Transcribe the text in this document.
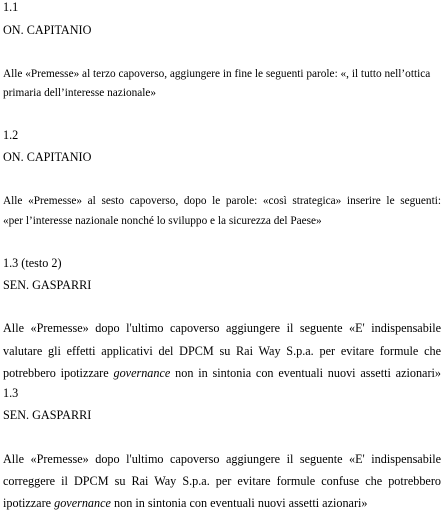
1.1
ON. CAPITANIO
Alle «Premesse» al terzo capoverso, aggiungere in fine le seguenti parole: «, il tutto nell’ottica
primaria dell’interesse nazionale»
1.2
ON. CAPITANIO
Alle «Premesse» al sesto capoverso, dopo le parole: «così strategica» inserire le seguenti:
«per l’interesse nazionale nonché lo sviluppo e la sicurezza del Paese»
1.3 (testo 2)
SEN. GASPARRI
Alle «Premesse» dopo l'ultimo capoverso aggiungere il seguente «E' indispensabile
valutare gli effetti applicativi del DPCM su Rai Way S.p.a. per evitare formule che
potrebbero ipotizzare governance non in sintonia con eventuali nuovi assetti azionari»
1.3
SEN. GASPARRI
Alle «Premesse» dopo l'ultimo capoverso aggiungere il seguente «E' indispensabile
correggere il DPCM su Rai Way S.p.a. per evitare formule confuse che potrebbero
ipotizzare governance non in sintonia con eventuali nuovi assetti azionari»
